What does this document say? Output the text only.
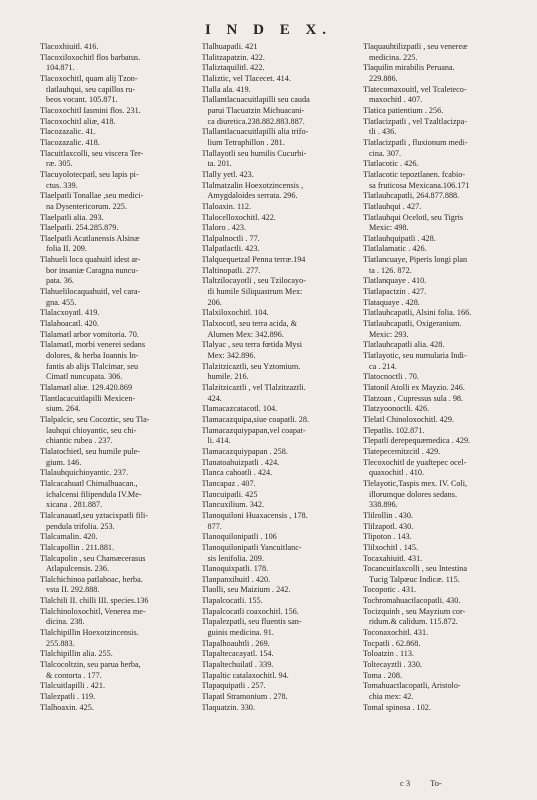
I N D E X.
Tlacoxhiuitl. 416.
Tlacoxiloxochitl flos barbatus.
104.871.
Tlacoxochitl, quam alij Tzon-
tlatlauhqui, seu capillos ru-
beos vocant. 105.871.
Tlacoxochitl Iasmini flos. 231.
Tlacoxochitl aliæ, 418.
Tlacozazalic. 41.
Tlacozazalic. 418.
Tlacuitlaxcolli, seu viscera Ter-
ræ. 305.
Tlacuyolotecpatl, seu lapis pi-
ctus. 339.
Tlaelpatli Tonallae ,seu medici-
na Dysentericorum. 225.
Tlaelpatli alia. 293.
Tlaelpatli. 254.285.879.
Tlaelpatli Acatlanensis Alsinæ
folia II. 209.
Tlahueli loca quahuitl idest ar-
bor insaniæ Caragna nuncu-
pata. 36.
Tlahuelilocaquahuitl, vel cara-
gna. 455.
Tlalacxoyatl. 419.
Tlalahoacatl. 420.
Tlalamatl arbor vomitoria. 70.
Tlalamatl, morbi venerei sedans
dolores, & herba Ioannis In-
fantis ab alijs Tlalcimar, seu
Cimatl nuncupata. 306.
Tlalamatl aliæ. 129.420.869
Tlantlacacuitlapilli Mexicen-
sium. 264.
Tlalpalcic, seu Cocoztic, seu Tla-
lauhqui chioyantic, seu chi-
chiantic rubea . 237.
Tlalatochietl, seu humile pule-
gium. 146.
Tlalauhquichioyantic. 237.
Tlalcacahuatl Chimalhuacan.,
ichalcensi filipendula IV.Me-
xicana . 281.887.
Tlalcanauatl,seu yztacixpatli fili-
pendula trifolia. 253.
Tlalcamalin. 420.
Tlalcapollin . 211.881.
Tlalcapolin , seu Chamæcerasus
Atlapulcensis. 236.
Tlalchichinoa patlahoac, herba.
vsta II. 292.888.
Tlalchili II. chilli III. species.136
Tlalchinoloxochitl, Venerea me-
dicina. 238.
Tlalchipillin Hoexotzincensis.
255.883.
Tlalchipillin alia. 255.
Tlalcocoltzin, seu parua herba,
& contorta . 177.
Tlalcuitlapilli . 421.
Tlalezpatli . 119.
Tlalhoaxin. 425.
Tlalhuapatli. 421
Tlalitzapatzin. 422.
Tlaliztaquilitl. 422.
Tlaliztic, vel Tlacecet. 414.
Tlalla ala. 419.
Tlallantlacuacuitlapilli seu cauda
parui Tlacuatzin Michuacani-
ca diuretica.238.882.883.887.
Tlallantlacuacuitlapilli alia trifo-
lium Tetraphillon . 281.
Tlallayotli seu humilis Cucurbi-
ta. 201.
Tlally yetl. 423.
Tlalmatzalin Hoexotzincensis ,
Amygdaloides serrata. 296.
Tlaloaxin. 112.
Tlalocelloxochitl. 422.
Tlaloro . 423.
Tlalpalnoctli . 77.
Tlalpatlactli. 423.
Tlalquequetzal Penna terræ.194
Tlaltinopatli. 277.
Tlaltzilocayotli , seu Tzilocayo-
tli humile Siliquastrum Mex:
206.
Tlalxiloxochitl. 104.
Tlalxocotl, seu terra acida, &
Alumen Mex: 342.896.
Tlalyac , seu terra fœtida Mysi
Mex: 342.896.
Tlalzitzicaztli, seu Yztomium.
humile. 216.
Tlalzitzicaztli , vel Tlalzitzaztli.
424.
Tlamacazcatacotl. 104.
Tlamacazquipa,siue coapatli. 28.
Tlamacazquiypapan,vel coapat-
li. 414.
Tlamacazquiypapan . 258.
Tlanatoahuizpatli . 424.
Tlanca cahoatli . 424.
Tlancapaz . 407.
Tlancuipatli. 425
Tlancuxilium. 342.
Tlanoquiloni Huaxacensis , 178.
877.
Tlanoquilonipatli . 106
Tlanoquilonipatli Yancuitlanc-
sis lenifolia. 209.
Tlanoquixpatli. 178.
Tlanpanxihuitl . 420.
Tlaolli, seu Maizium . 242.
Tlapalcocatli. 155.
Tlapalcocatli coaxochitl. 156.
Tlapalezpatli, seu fluentis san-
guinis medicina. 91.
Tlapalhoauhtli . 269.
Tlapaltecacayatl. 154.
Tlapaltechuilatl . 339.
Tlapaltic catalaxochitl. 94.
Tlapaquipatli . 257.
Tlapatl Stramonium . 278.
Tlaquatzin. 330.
Tlaquauhtilizpatli , seu venereæ
medicina. 225.
Tlaquilin mirabilis Peruana.
229.886.
Tlatecomaxouitl, vel Tcaleteco-
maxochitl . 407.
Tlatica patientium . 256.
Tlatlacizpatli , vel Tzaltlacizpa-
tli . 436.
Tlatlacizpatli , fluxionum medi-
cina. 307.
Tlatlacotic . 426.
Tlatlacotic tepoztlanen. fcabio-
sa fruticosa Mexicana.106.171
Tlatlauhcapatli, 264.877.888.
Tlatlauhqui . 427.
Tlatlauhqui Ocelotl, seu Tigris
Mexic: 498.
Tlatlauhquipatli . 428.
Tlatlalamatic . 426.
Tlatlancuaye, Piperis longi plan
ta . 126. 872.
Tlatlanquaye . 410.
Tlatlapactzin . 427.
Tlataquaye . 428.
Tlatlauhcapatli, Alsini folia. 166.
Tlatlauhcapatli, Oxigeranium.
Mexic: 293.
Tlatlauhcapatli alia. 428.
Tlatlayotic, seu numularia Indi-
ca . 214.
Tlatocnoctli . 70.
Tlatonil Atolli ex Mayzio. 246.
Tlatzoan , Cupressus sula . 98.
Tlatzyoonoctli. 426.
Tlelatl Chinoloxochitl. 429.
Tlepatlis. 102.871.
Tlepatli derepequæmedica . 429.
Tlatepecemitzcitl . 429.
Tlecoxochitl de yuaftepec ocel-
quaxochitl . 410.
Tlelayotic,Taspis mex. IV. Coli,
illorumque dolores sedans.
338.896.
Tlilrollin . 430.
Tlilzapotl. 430.
Tlipoton . 143.
Tlilxochitl . 145.
Tocaxahiuitl. 431.
Tocancuitlaxcolli , seu Intestina
Tucig Talpæuc Indicæ. 115.
Tocopotic . 431.
Tochromahuactlacopatli. 430.
Tocizquinh , seu Mayzium cor-
ridum.& calidum. 115.872.
Toconaxochitl. 431.
Tocpatli . 62.868.
Toloatzin . 113.
Toltecayztli . 330.
Toma . 208.
Tomahuactlacopatli, Aristolo-
chia mex: 42.
Tomal spinosa . 102.
c 3 To-
